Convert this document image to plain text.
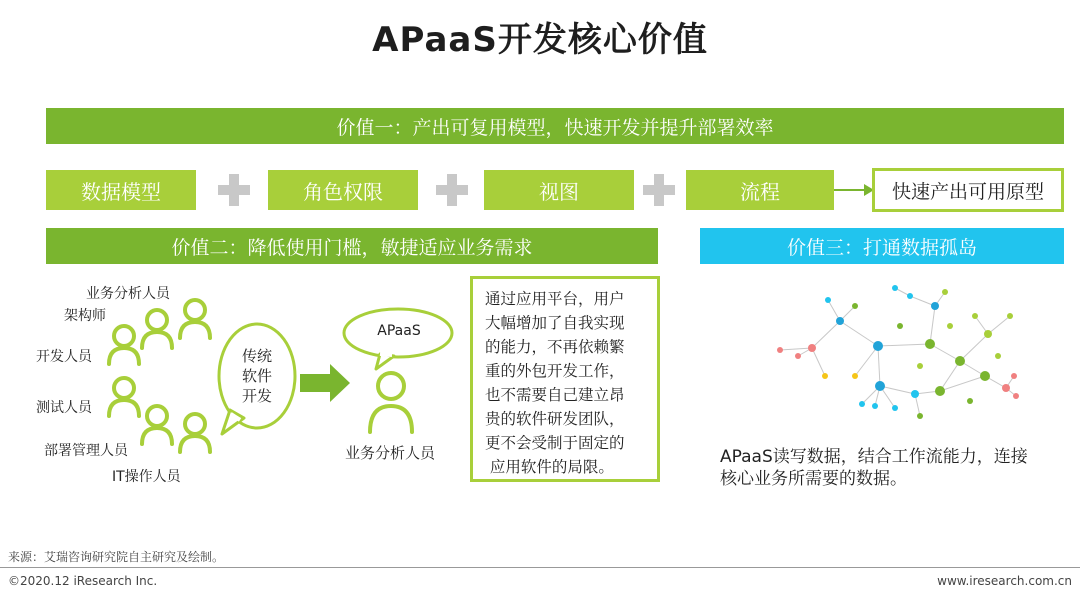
APaaS开发核心价值
价值一：产出可复用模型，快速开发并提升部署效率
数据模型	角色权限	视图	流程	快速产出可用原型
价值二：降低使用门槛，敏捷适应业务需求
业务分析人员
架构师
开发人员
测试人员
部署管理人员
IT操作人员
传统
软件
开发
APaaS
业务分析人员
通过应用平台，用户
大幅增加了自我实现
的能力，不再依赖繁
重的外包开发工作，
也不需要自己建立昂
贵的软件研发团队，
更不会受制于固定的
应用软件的局限。
价值三：打通数据孤岛
APaaS读写数据，结合工作流能力，连接
核心业务所需要的数据。
来源：艾瑞咨询研究院自主研究及绘制。
©2020.12 iResearch Inc.	www.iresearch.com.cn
